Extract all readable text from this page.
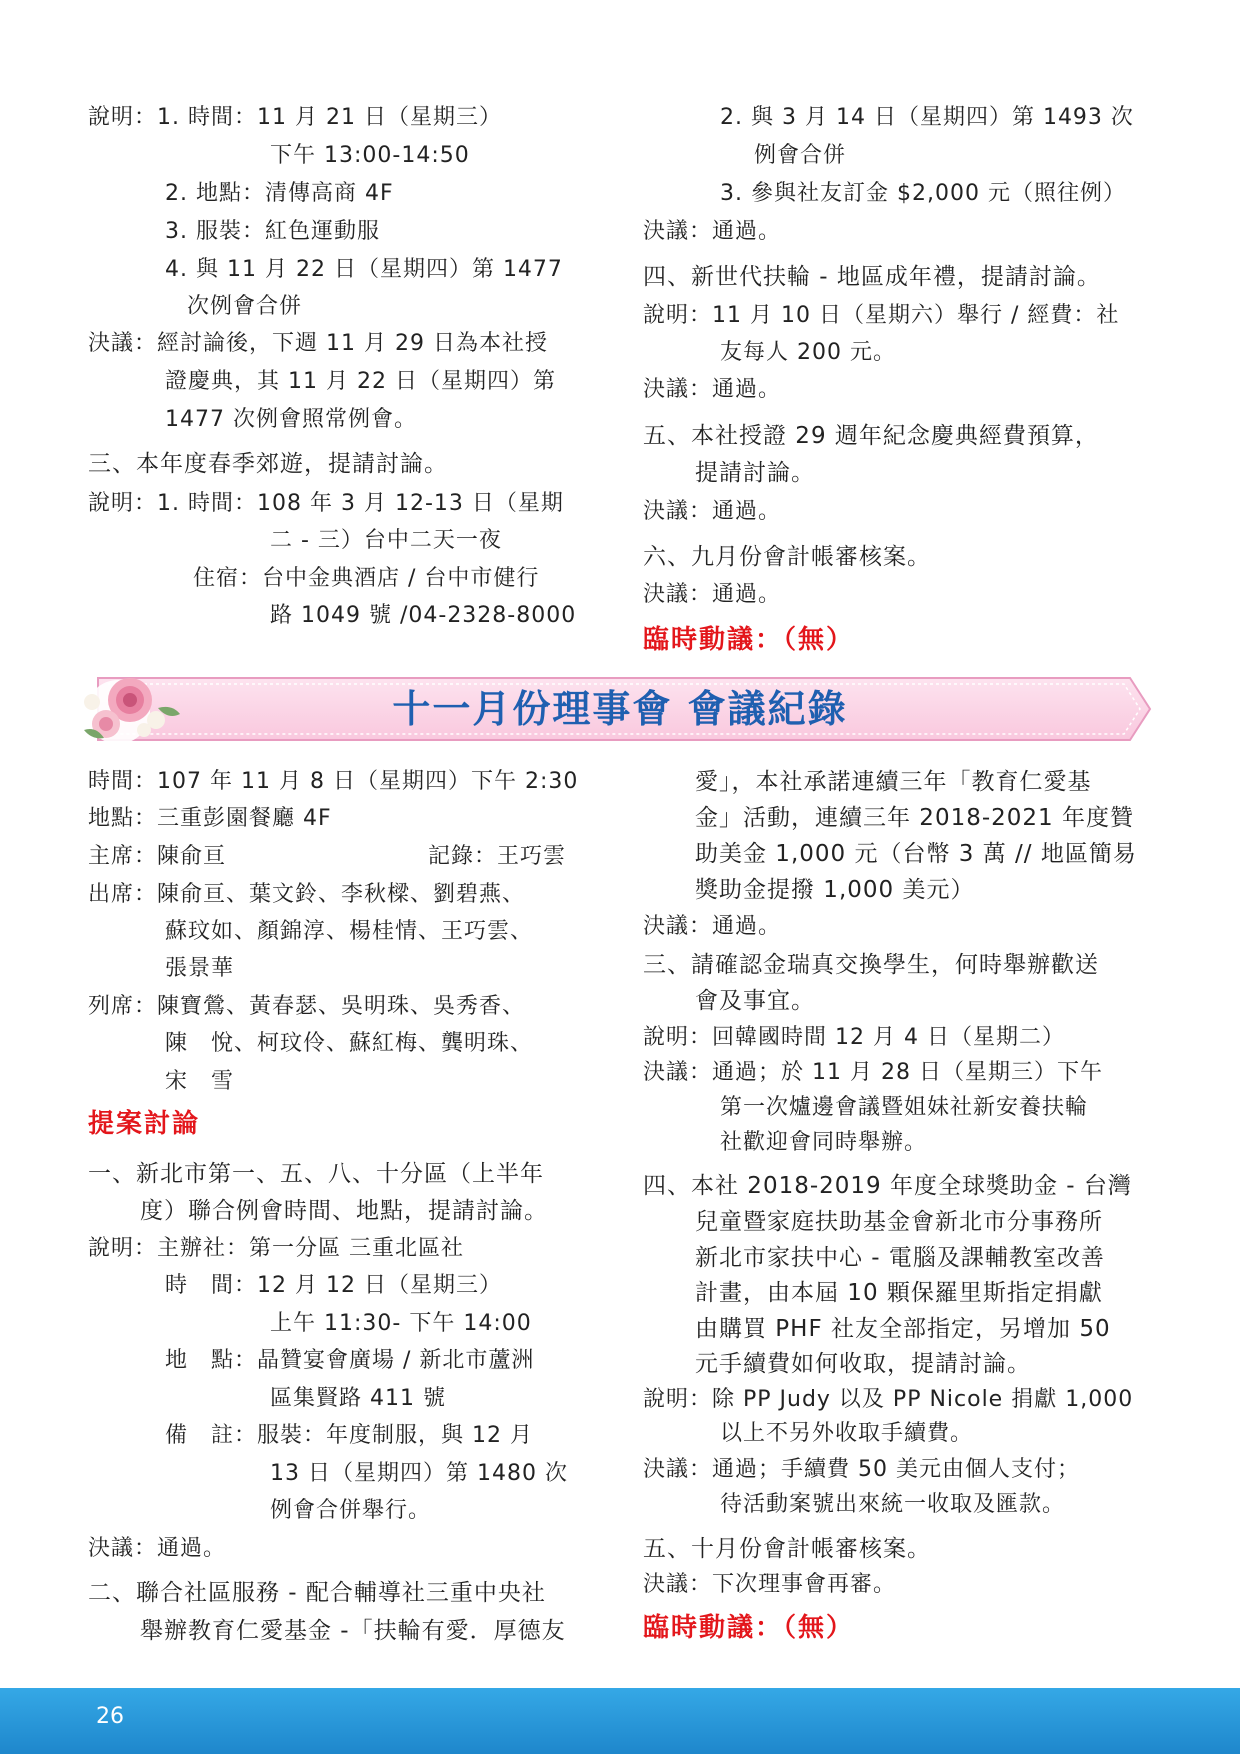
說明：1. 時間：11 月 21 日（星期三）
下午 13:00-14:50
2. 地點：清傳高商 4F
3. 服裝：紅色運動服
4. 與 11 月 22 日（星期四）第 1477
次例會合併
決議：經討論後，下週 11 月 29 日為本社授
證慶典，其 11 月 22 日（星期四）第
1477 次例會照常例會。
三、本年度春季郊遊，提請討論。
說明：1. 時間：108 年 3 月 12-13 日（星期
二 - 三）台中二天一夜
住宿：台中金典酒店 / 台中市健行
路 1049 號 /04-2328-8000
2. 與 3 月 14 日（星期四）第 1493 次
例會合併
3. 參與社友訂金 $2,000 元（照往例）
決議：通過。
四、新世代扶輪 - 地區成年禮，提請討論。
說明：11 月 10 日（星期六）舉行 / 經費：社
友每人 200 元。
決議：通過。
五、本社授證 29 週年紀念慶典經費預算，
提請討論。
決議：通過。
六、九月份會計帳審核案。
決議：通過。
臨時動議：（無）
十一月份理事會 會議紀錄
時間：107 年 11 月 8 日（星期四）下午 2:30
地點：三重彭園餐廳 4F
主席：陳俞亘	記錄：王巧雲
出席：陳俞亘、葉文鈴、李秋樑、劉碧燕、
蘇玟如、顏錦淳、楊桂情、王巧雲、
張景華
列席：陳寶鶯、黃春瑟、吳明珠、吳秀香、
陳　悅、柯玟伶、蘇紅梅、龔明珠、
宋　雪
提案討論
一、新北市第一、五、八、十分區（上半年
度）聯合例會時間、地點，提請討論。
說明：主辦社：第一分區 三重北區社
時　間：12 月 12 日（星期三）
上午 11:30- 下午 14:00
地　點：晶贊宴會廣場 / 新北市蘆洲
區集賢路 411 號
備　註：服裝：年度制服，與 12 月
13 日（星期四）第 1480 次
例會合併舉行。
決議：通過。
二、聯合社區服務 - 配合輔導社三重中央社
舉辦教育仁愛基金 -「扶輪有愛．厚德友
愛」，本社承諾連續三年「教育仁愛基
金」活動，連續三年 2018-2021 年度贊
助美金 1,000 元（台幣 3 萬 // 地區簡易
獎助金提撥 1,000 美元）
決議：通過。
三、請確認金瑞真交換學生，何時舉辦歡送
會及事宜。
說明：回韓國時間 12 月 4 日（星期二）
決議：通過；於 11 月 28 日（星期三）下午
第一次爐邊會議暨姐妹社新安養扶輪
社歡迎會同時舉辦。
四、本社 2018-2019 年度全球獎助金 - 台灣
兒童暨家庭扶助基金會新北市分事務所
新北市家扶中心 - 電腦及課輔教室改善
計畫，由本屆 10 顆保羅里斯指定捐獻
由購買 PHF 社友全部指定，另增加 50
元手續費如何收取，提請討論。
說明：除 PP Judy 以及 PP Nicole 捐獻 1,000
以上不另外收取手續費。
決議：通過；手續費 50 美元由個人支付；
待活動案號出來統一收取及匯款。
五、十月份會計帳審核案。
決議：下次理事會再審。
臨時動議：（無）
26
